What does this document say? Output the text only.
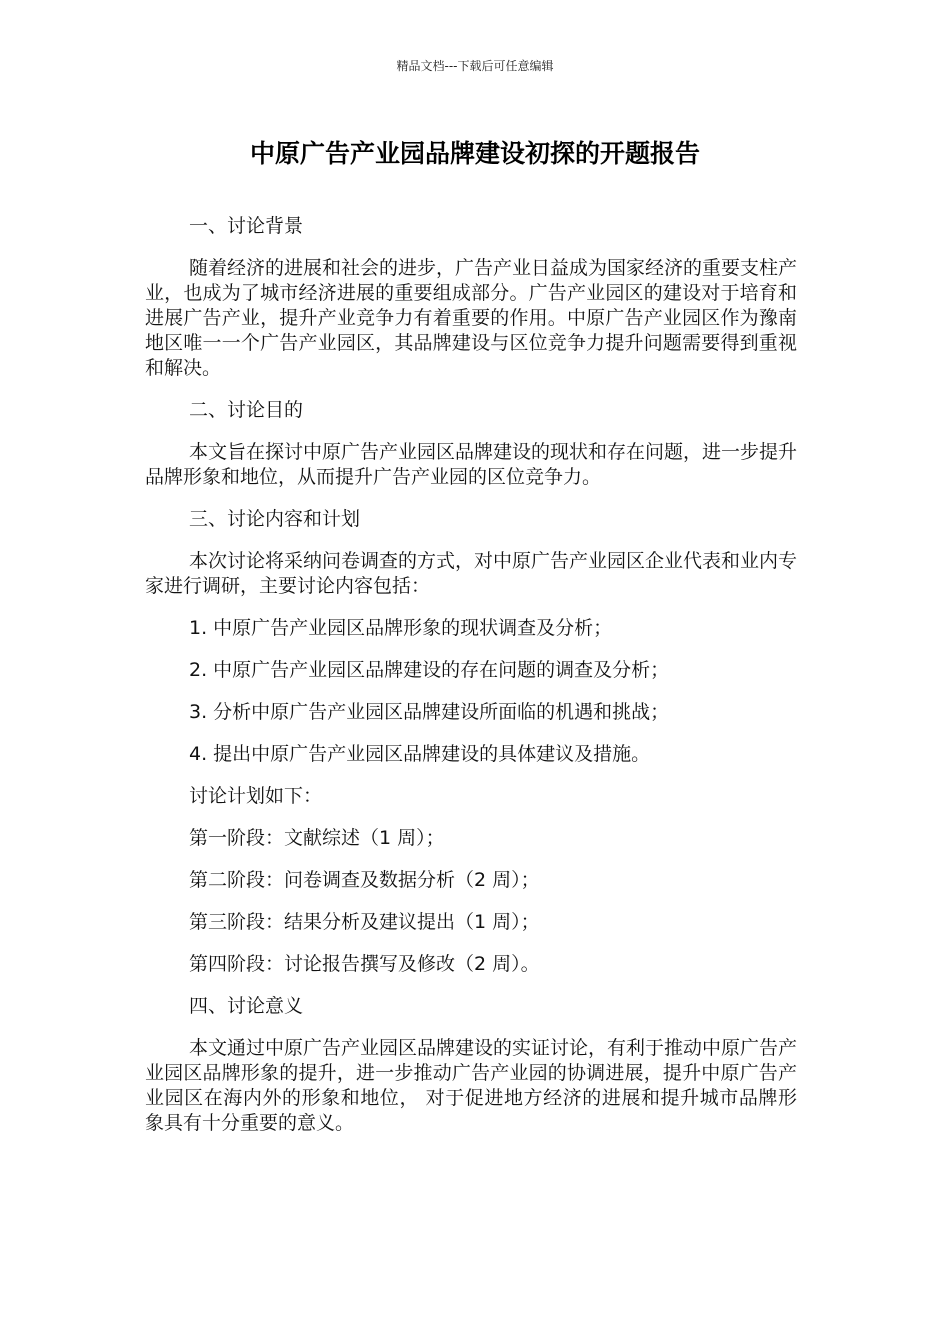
精品文档---下载后可任意编辑
中原广告产业园品牌建设初探的开题报告

一、讨论背景

随着经济的进展和社会的进步，广告产业日益成为国家经济的重要支柱产业，也成为了城市经济进展的重要组成部分。广告产业园区的建设对于培育和进展广告产业，提升产业竞争力有着重要的作用。中原广告产业园区作为豫南地区唯一一个广告产业园区，其品牌建设与区位竞争力提升问题需要得到重视和解决。

二、讨论目的

本文旨在探讨中原广告产业园区品牌建设的现状和存在问题，进一步提升品牌形象和地位，从而提升广告产业园的区位竞争力。

三、讨论内容和计划

本次讨论将采纳问卷调查的方式，对中原广告产业园区企业代表和业内专家进行调研，主要讨论内容包括：

1. 中原广告产业园区品牌形象的现状调查及分析；

2. 中原广告产业园区品牌建设的存在问题的调查及分析；

3. 分析中原广告产业园区品牌建设所面临的机遇和挑战；

4. 提出中原广告产业园区品牌建设的具体建议及措施。

讨论计划如下：

第一阶段：文献综述（1 周）；

第二阶段：问卷调查及数据分析（2 周）；

第三阶段：结果分析及建议提出（1 周）；

第四阶段：讨论报告撰写及修改（2 周）。

四、讨论意义

本文通过中原广告产业园区品牌建设的实证讨论，有利于推动中原广告产业园区品牌形象的提升，进一步推动广告产业园的协调进展，提升中原广告产业园区在海内外的形象和地位， 对于促进地方经济的进展和提升城市品牌形象具有十分重要的意义。
